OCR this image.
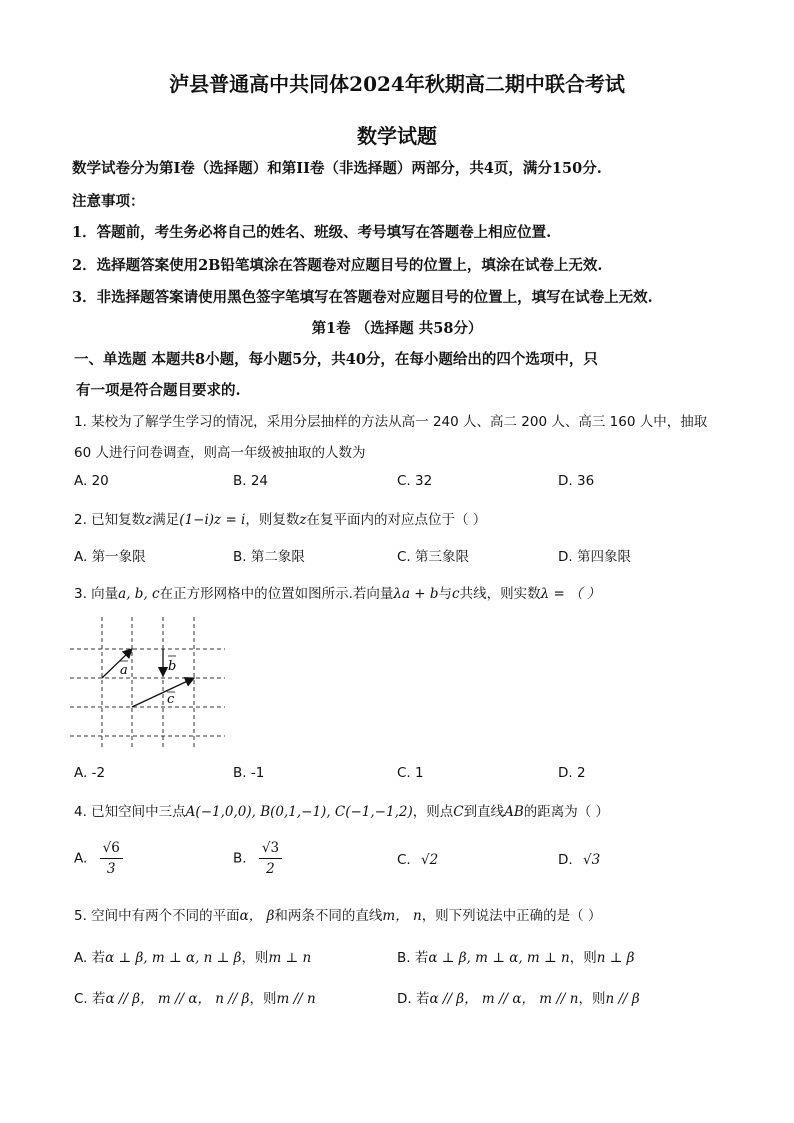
泸县普通高中共同体2024年秋期高二期中联合考试
数学试题
数学试卷分为第I卷（选择题）和第II卷（非选择题）两部分，共4页，满分150分.
注意事项：
1．答题前，考生务必将自己的姓名、班级、考号填写在答题卷上相应位置.
2．选择题答案使用2B铅笔填涂在答题卷对应题目号的位置上，填涂在试卷上无效.
3．非选择题答案请使用黑色签字笔填写在答题卷对应题目号的位置上，填写在试卷上无效.
第1卷 （选择题 共58分）
一、单选题 本题共8小题，每小题5分，共40分，在每小题给出的四个选项中，只
有一项是符合题目要求的.
1. 某校为了解学生学习的情况，采用分层抽样的方法从高一 240 人、高二 200 人、高三 160 人中，抽取
60 人进行问卷调查，则高一年级被抽取的人数为
A. 20	B. 24	C. 32	D. 36
2. 已知复数z满足(1−i)z = i，则复数z在复平面内的对应点位于（ ）
A. 第一象限	B. 第二象限	C. 第三象限	D. 第四象限
3. 向量a, b, c在正方形网格中的位置如图所示.若向量λa + b与c共线，则实数λ = （ ）
a	b
c
A. -2	B. -1	C. 1	D. 2
4. 已知空间中三点A(−1,0,0), B(0,1,−1), C(−1,−1,2)，则点C到直线AB的距离为（ ）
A. $\frac{√6}{3}$	B. $\frac{√3}{2}$	C. √2	D. √3
5. 空间中有两个不同的平面α， β和两条不同的直线m， n，则下列说法中正确的是（ ）
A. 若α ⊥ β, m ⊥ α, n ⊥ β，则m ⊥ n	B. 若α ⊥ β, m ⊥ α, m ⊥ n，则n ⊥ β
C. 若α // β， m // α， n // β，则m // n	D. 若α // β， m // α， m // n，则n // β
